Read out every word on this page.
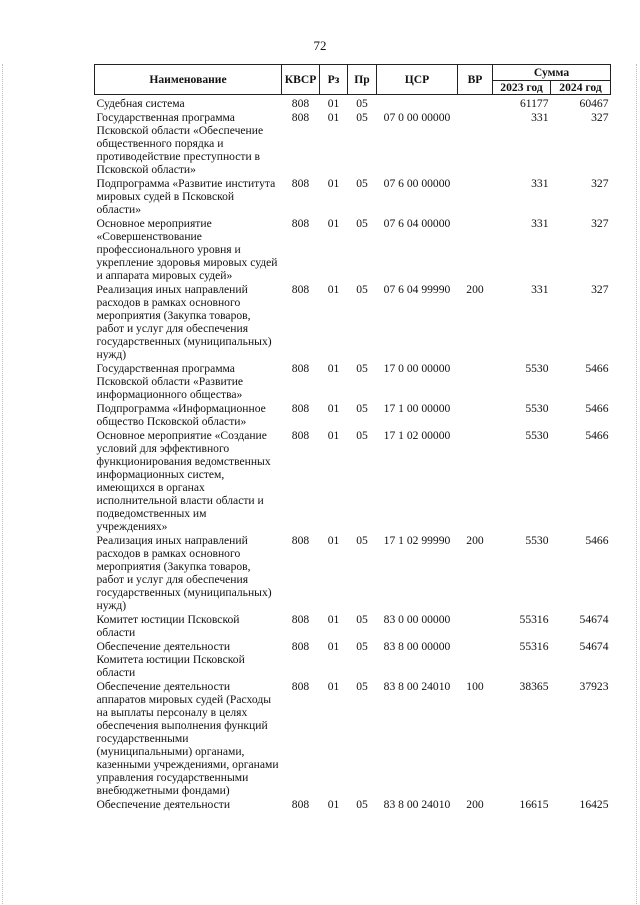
72
Наименование	КВСР	Рз	Пр	ЦСР	ВР	Сумма	
						2023 год	2024 год
Судебная система	808	01	05			61177	60467
Государственная программа Псковской области «Обеспечение общественного порядка и противодействие преступности в Псковской области»	808	01	05	07 0 00 00000		331	327
Подпрограмма «Развитие института мировых судей в Псковской области»	808	01	05	07 6 00 00000		331	327
Основное мероприятие «Совершенствование профессионального уровня и укрепление здоровья мировых судей и аппарата мировых судей»	808	01	05	07 6 04 00000		331	327
Реализация иных направлений расходов в рамках основного мероприятия (Закупка товаров, работ и услуг для обеспечения государственных (муниципальных) нужд)	808	01	05	07 6 04 99990	200	331	327
Государственная программа Псковской области «Развитие информационного общества»	808	01	05	17 0 00 00000		5530	5466
Подпрограмма «Информационное общество Псковской области»	808	01	05	17 1 00 00000		5530	5466
Основное мероприятие «Создание условий для эффективного функционирования ведомственных информационных систем, имеющихся в органах исполнительной власти области и подведомственных им учреждениях»	808	01	05	17 1 02 00000		5530	5466
Реализация иных направлений расходов в рамках основного мероприятия (Закупка товаров, работ и услуг для обеспечения государственных (муниципальных) нужд)	808	01	05	17 1 02 99990	200	5530	5466
Комитет юстиции Псковской области	808	01	05	83 0 00 00000		55316	54674
Обеспечение деятельности Комитета юстиции Псковской области	808	01	05	83 8 00 00000		55316	54674
Обеспечение деятельности аппаратов мировых судей (Расходы на выплаты персоналу в целях обеспечения выполнения функций государственными (муниципальными) органами, казенными учреждениями, органами управления государственными внебюджетными фондами)	808	01	05	83 8 00 24010	100	38365	37923
Обеспечение деятельности	808	01	05	83 8 00 24010	200	16615	16425
